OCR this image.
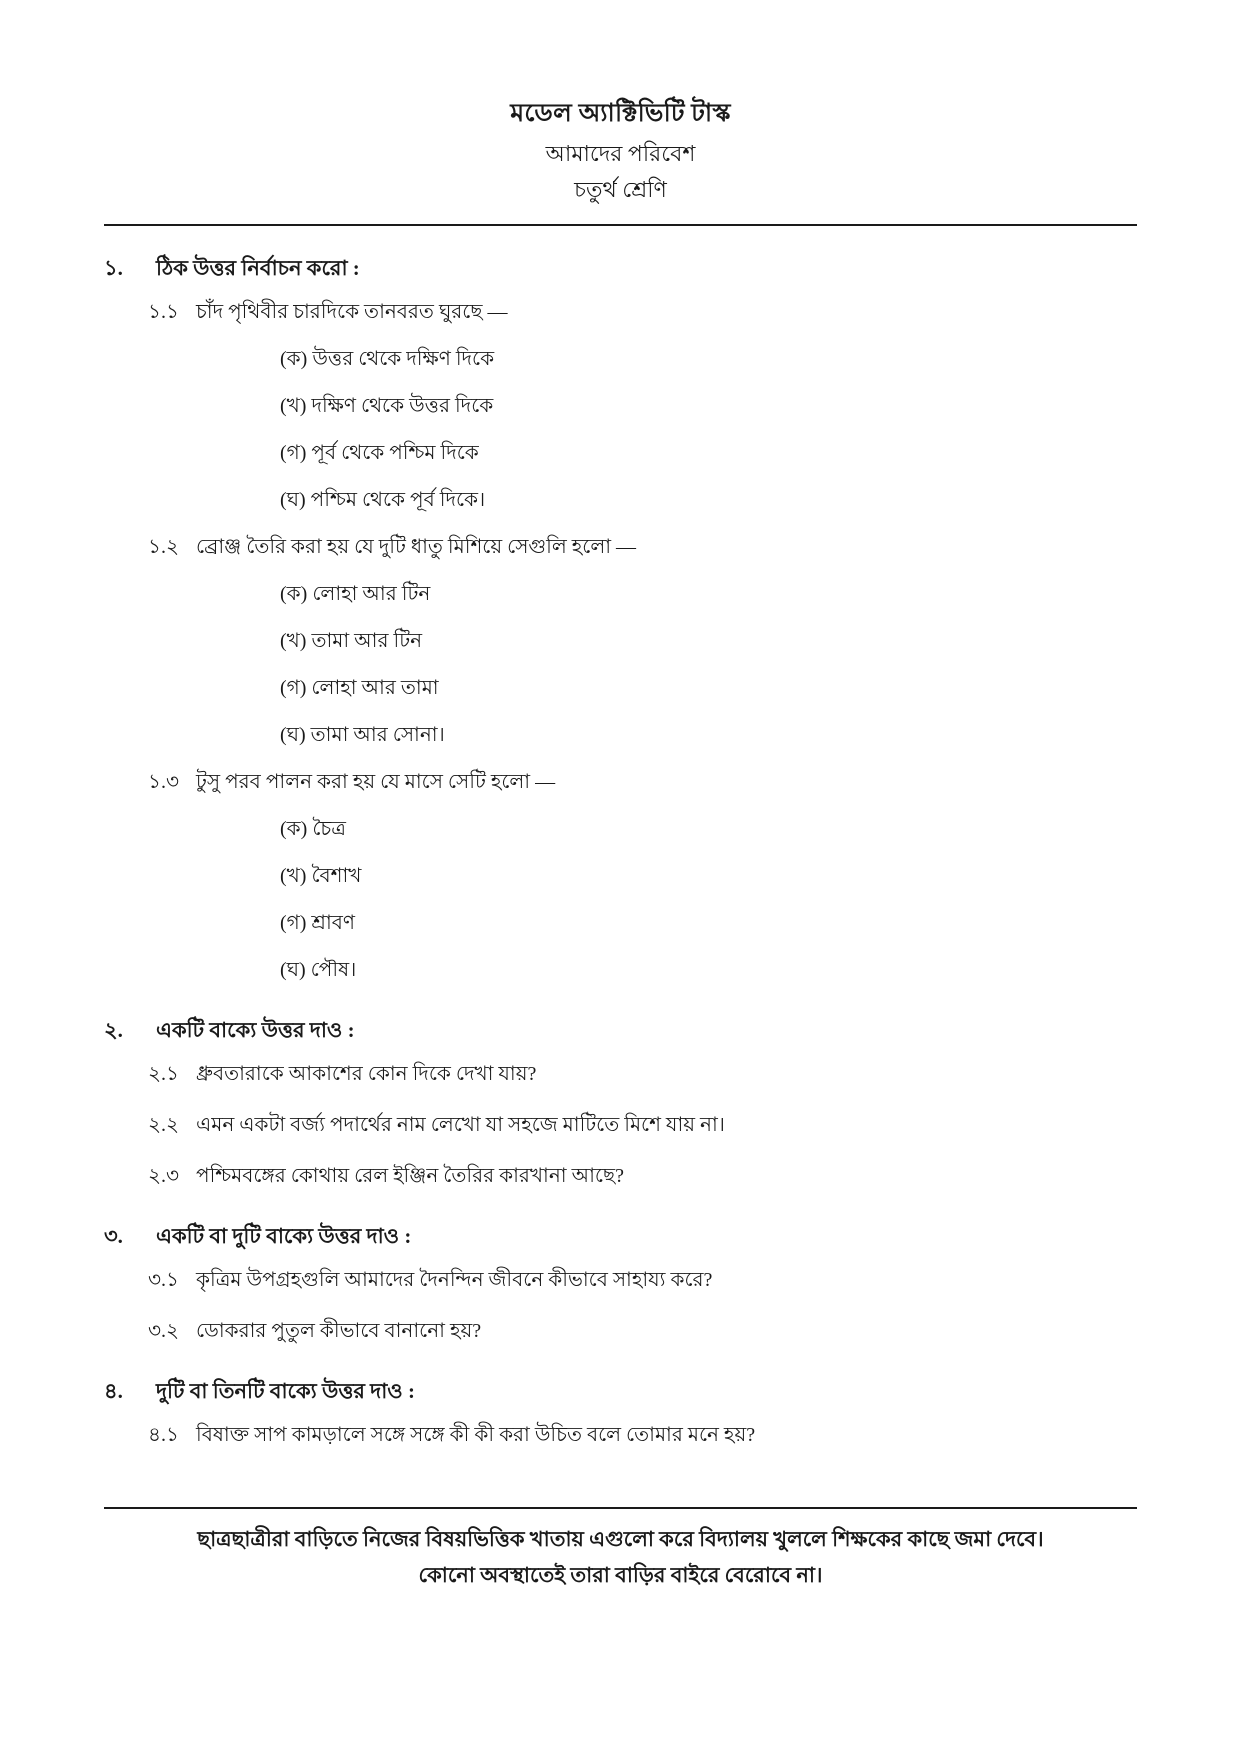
মডেল অ্যাক্টিভিটি টাস্ক
আমাদের পরিবেশ
চতুর্থ শ্রেণি
১.	ঠিক উত্তর নির্বাচন করো :
১.১ চাঁদ পৃথিবীর চারদিকে তানবরত ঘুরছে —
(ক) উত্তর থেকে দক্ষিণ দিকে
(খ) দক্ষিণ থেকে উত্তর দিকে
(গ) পূর্ব থেকে পশ্চিম দিকে
(ঘ) পশ্চিম থেকে পূর্ব দিকে।
১.২ ব্রোঞ্জ তৈরি করা হয় যে দুটি ধাতু মিশিয়ে সেগুলি হলো —
(ক) লোহা আর টিন
(খ) তামা আর টিন
(গ) লোহা আর তামা
(ঘ) তামা আর সোনা।
১.৩ টুসু পরব পালন করা হয় যে মাসে সেটি হলো —
(ক) চৈত্র
(খ) বৈশাখ
(গ) শ্রাবণ
(ঘ) পৌষ।
২.	একটি বাক্যে উত্তর দাও :
২.১ ধ্রুবতারাকে আকাশের কোন দিকে দেখা যায়?
২.২ এমন একটা বর্জ্য পদার্থের নাম লেখো যা সহজে মাটিতে মিশে যায় না।
২.৩ পশ্চিমবঙ্গের কোথায় রেল ইঞ্জিন তৈরির কারখানা আছে?
৩.	একটি বা দুটি বাক্যে উত্তর দাও :
৩.১ কৃত্রিম উপগ্রহগুলি আমাদের দৈনন্দিন জীবনে কীভাবে সাহায্য করে?
৩.২ ডোকরার পুতুল কীভাবে বানানো হয়?
৪.	দুটি বা তিনটি বাক্যে উত্তর দাও :
৪.১ বিষাক্ত সাপ কামড়ালে সঙ্গে সঙ্গে কী কী করা উচিত বলে তোমার মনে হয়?
ছাত্রছাত্রীরা বাড়িতে নিজের বিষয়ভিত্তিক খাতায় এগুলো করে বিদ্যালয় খুললে শিক্ষকের কাছে জমা দেবে।
কোনো অবস্থাতেই তারা বাড়ির বাইরে বেরোবে না।
